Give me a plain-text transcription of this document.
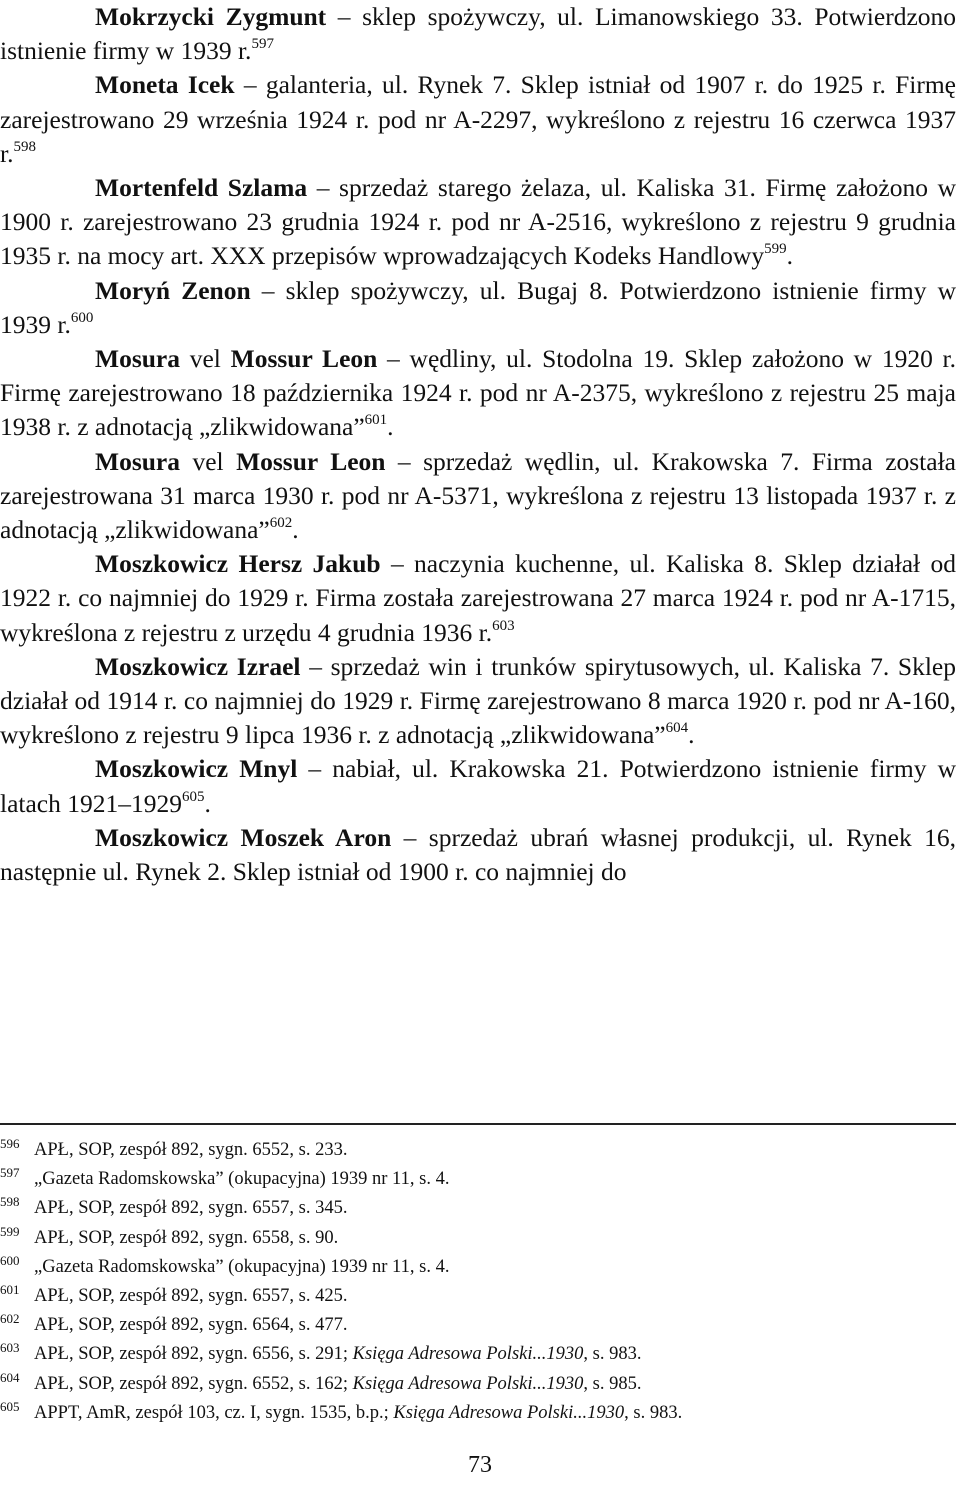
Mokrzycki Zygmunt – sklep spożywczy, ul. Limanowskiego 33. Potwierdzono istnienie firmy w 1939 r.$^{597}$

Moneta Icek – galanteria, ul. Rynek 7. Sklep istniał od 1907 r. do 1925 r. Firmę zarejestrowano 29 września 1924 r. pod nr A-2297, wykreślono z rejestru 16 czerwca 1937 r.$^{598}$

Mortenfeld Szlama – sprzedaż starego żelaza, ul. Kaliska 31. Firmę założono w 1900 r. zarejestrowano 23 grudnia 1924 r. pod nr A-2516, wykreślono z rejestru 9 grudnia 1935 r. na mocy art. XXX przepisów wprowadzających Kodeks Handlowy$^{599}$.

Moryń Zenon – sklep spożywczy, ul. Bugaj 8. Potwierdzono istnienie firmy w 1939 r.$^{600}$

Mosura vel Mossur Leon – wędliny, ul. Stodolna 19. Sklep założono w 1920 r. Firmę zarejestrowano 18 października 1924 r. pod nr A-2375, wykreślono z rejestru 25 maja 1938 r. z adnotacją „zlikwidowana”$^{601}$.

Mosura vel Mossur Leon – sprzedaż wędlin, ul. Krakowska 7. Firma została zarejestrowana 31 marca 1930 r. pod nr A-5371, wykreślona z rejestru 13 listopada 1937 r. z adnotacją „zlikwidowana”$^{602}$.

Moszkowicz Hersz Jakub – naczynia kuchenne, ul. Kaliska 8. Sklep działał od 1922 r. co najmniej do 1929 r. Firma została zarejestrowana 27 marca 1924 r. pod nr A-1715, wykreślona z rejestru z urzędu 4 grudnia 1936 r.$^{603}$

Moszkowicz Izrael – sprzedaż win i trunków spirytusowych, ul. Kaliska 7. Sklep działał od 1914 r. co najmniej do 1929 r. Firmę zarejestrowano 8 marca 1920 r. pod nr A-160, wykreślono z rejestru 9 lipca 1936 r. z adnotacją „zlikwidowana”$^{604}$.

Moszkowicz Mnyl – nabiał, ul. Krakowska 21. Potwierdzono istnienie firmy w latach 1921–1929$^{605}$.

Moszkowicz Moszek Aron – sprzedaż ubrań własnej produkcji, ul. Rynek 16, następnie ul. Rynek 2. Sklep istniał od 1900 r. co najmniej do

596 APŁ, SOP, zespół 892, sygn. 6552, s. 233.
597 „Gazeta Radomskowska” (okupacyjna) 1939 nr 11, s. 4.
598 APŁ, SOP, zespół 892, sygn. 6557, s. 345.
599 APŁ, SOP, zespół 892, sygn. 6558, s. 90.
600 „Gazeta Radomskowska” (okupacyjna) 1939 nr 11, s. 4.
601 APŁ, SOP, zespół 892, sygn. 6557, s. 425.
602 APŁ, SOP, zespół 892, sygn. 6564, s. 477.
603 APŁ, SOP, zespół 892, sygn. 6556, s. 291; Księga Adresowa Polski...1930, s. 983.
604 APŁ, SOP, zespół 892, sygn. 6552, s. 162; Księga Adresowa Polski...1930, s. 985.
605 APPT, AmR, zespół 103, cz. I, sygn. 1535, b.p.; Księga Adresowa Polski...1930, s. 983.
73
